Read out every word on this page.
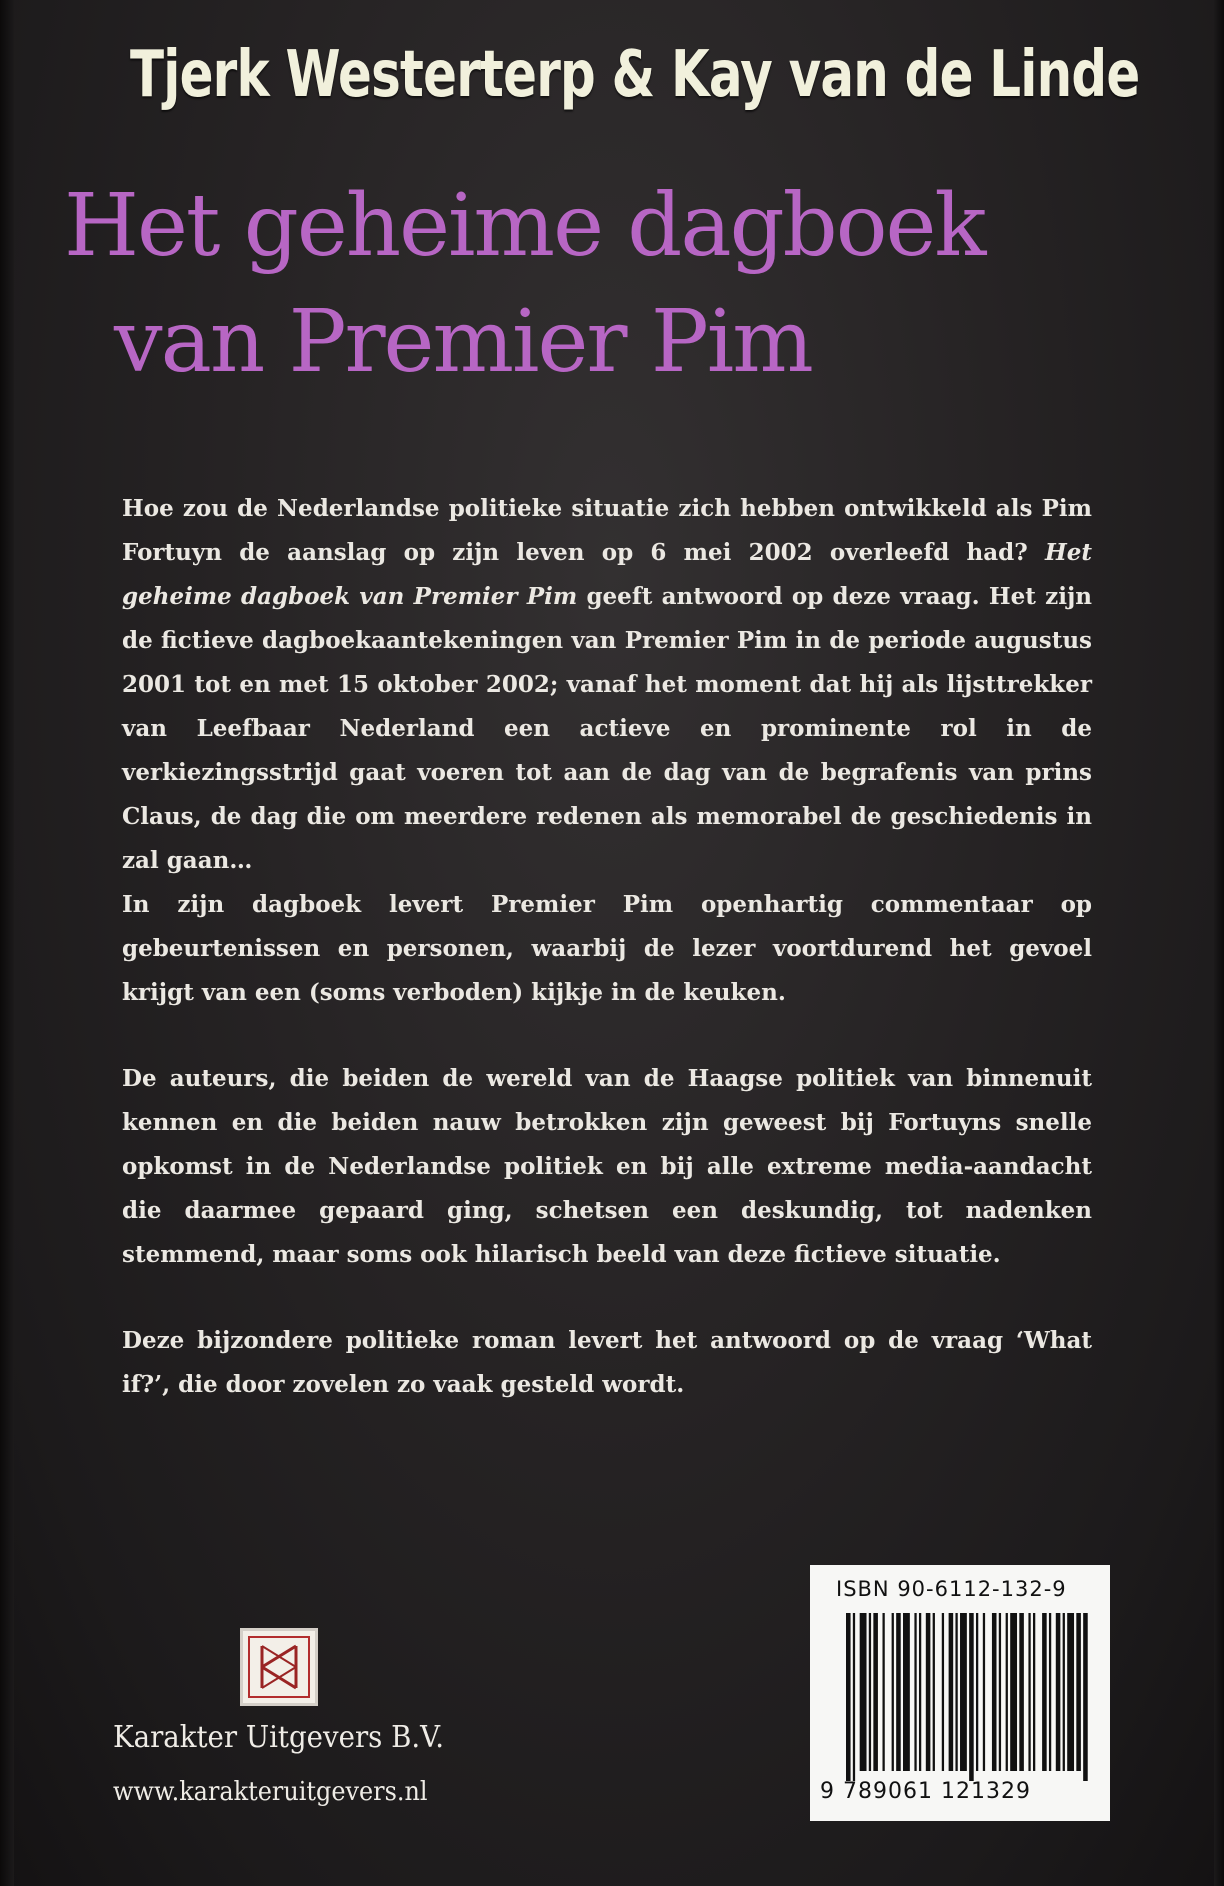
Tjerk Westerterp & Kay van de Linde
Het geheime dagboek
van Premier Pim

Hoe zou de Nederlandse politieke situatie zich hebben ontwikkeld als Pim Fortuyn de aanslag op zijn leven op 6 mei 2002 overleefd had? Het geheime dagboek van Premier Pim geeft antwoord op deze vraag. Het zijn de fictieve dagboekaantekeningen van Premier Pim in de periode augustus 2001 tot en met 15 oktober 2002; vanaf het moment dat hij als lijsttrekker van Leefbaar Nederland een actieve en prominente rol in de verkiezingsstrijd gaat voeren tot aan de dag van de begrafenis van prins Claus, de dag die om meerdere redenen als memorabel de geschiedenis in zal gaan…
In zijn dagboek levert Premier Pim openhartig commentaar op gebeurtenissen en personen, waarbij de lezer voortdurend het gevoel krijgt van een (soms verboden) kijkje in de keuken.

De auteurs, die beiden de wereld van de Haagse politiek van binnenuit kennen en die beiden nauw betrokken zijn geweest bij Fortuyns snelle opkomst in de Nederlandse politiek en bij alle extreme media-aandacht die daarmee gepaard ging, schetsen een deskundig, tot nadenken stemmend, maar soms ook hilarisch beeld van deze fictieve situatie.

Deze bijzondere politieke roman levert het antwoord op de vraag ‘What if?’, die door zovelen zo vaak gesteld wordt.

Karakter Uitgevers B.V.
www.karakteruitgevers.nl
ISBN 90-6112-132-9
9 789061 121329
